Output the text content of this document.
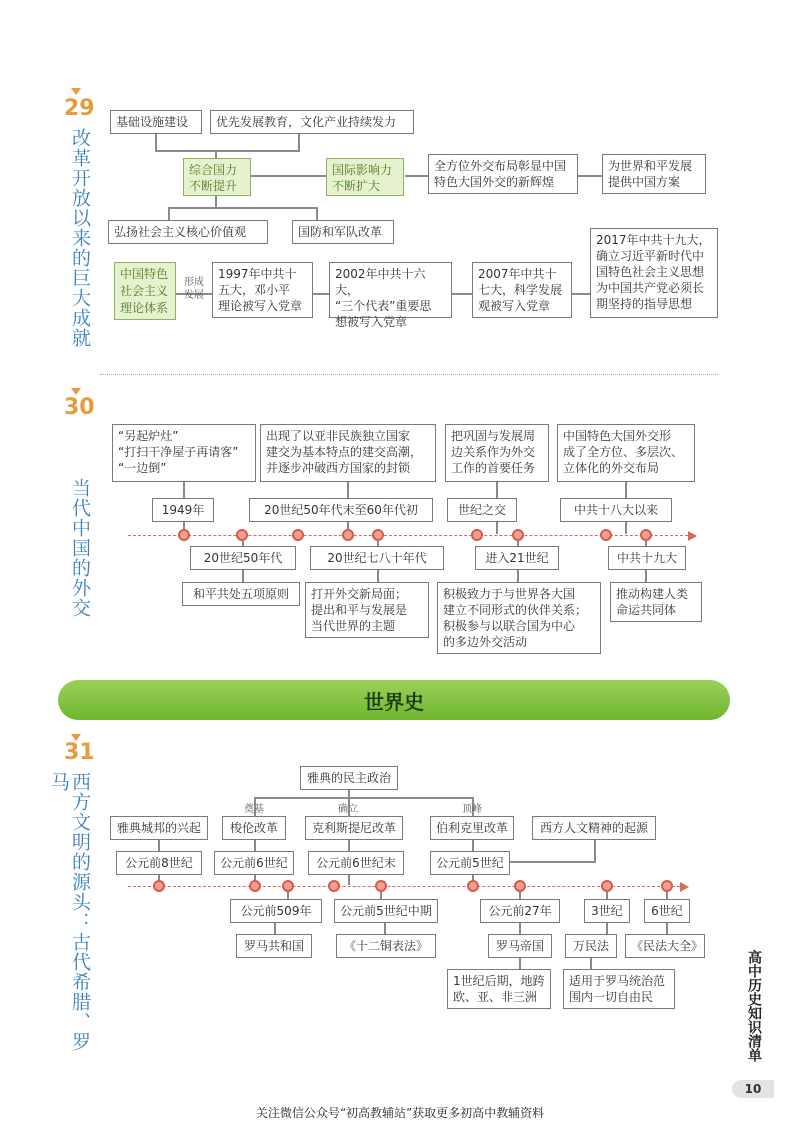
29
改革开放以来的巨大成就
基础设施建设	优先发展教育，文化产业持续发力
综合国力
不断提升
国际影响力
不断扩大
全方位外交布局彰显中国
特色大国外交的新辉煌
为世界和平发展
提供中国方案
弘扬社会主义核心价值观	国防和军队改革
中国特色
社会主义
理论体系
形成
发展
1997年中共十
五大，邓小平
理论被写入党章
2002年中共十六大，
“三个代表”重要思
想被写入党章
2007年中共十
七大，科学发展
观被写入党章
2017年中共十九大，
确立习近平新时代中
国特色社会主义思想
为中国共产党必须长
期坚持的指导思想
30
当代中国的外交
“另起炉灶”
“打扫干净屋子再请客”
“一边倒”
出现了以亚非民族独立国家
建交为基本特点的建交高潮，
并逐步冲破西方国家的封锁
把巩固与发展周
边关系作为外交
工作的首要任务
中国特色大国外交形
成了全方位、多层次、
立体化的外交布局
1949年	20世纪50年代末至60年代初	世纪之交	中共十八大以来
20世纪50年代	20世纪七八十年代	进入21世纪	中共十九大
和平共处五项原则	打开外交新局面；
提出和平与发展是
当代世界的主题
积极致力于与世界各大国
建立不同形式的伙伴关系；
积极参与以联合国为中心
的多边外交活动
推动构建人类
命运共同体
世界史
31
西方文明的源头：古代希腊、罗马	雅典的民主政治
奠基	确立	顶峰
雅典城邦的兴起	梭伦改革	克利斯提尼改革	伯利克里改革	西方人文精神的起源
公元前8世纪	公元前6世纪	公元前6世纪末	公元前5世纪
公元前509年	公元前5世纪中期	公元前27年	3世纪	6世纪
罗马共和国	《十二铜表法》	罗马帝国	万民法	《民法大全》
1世纪后期，地跨
欧、亚、非三洲
适用于罗马统治范
围内一切自由民	高中历史知识清单
10
关注微信公众号“初高教辅站”获取更多初高中教辅资料
